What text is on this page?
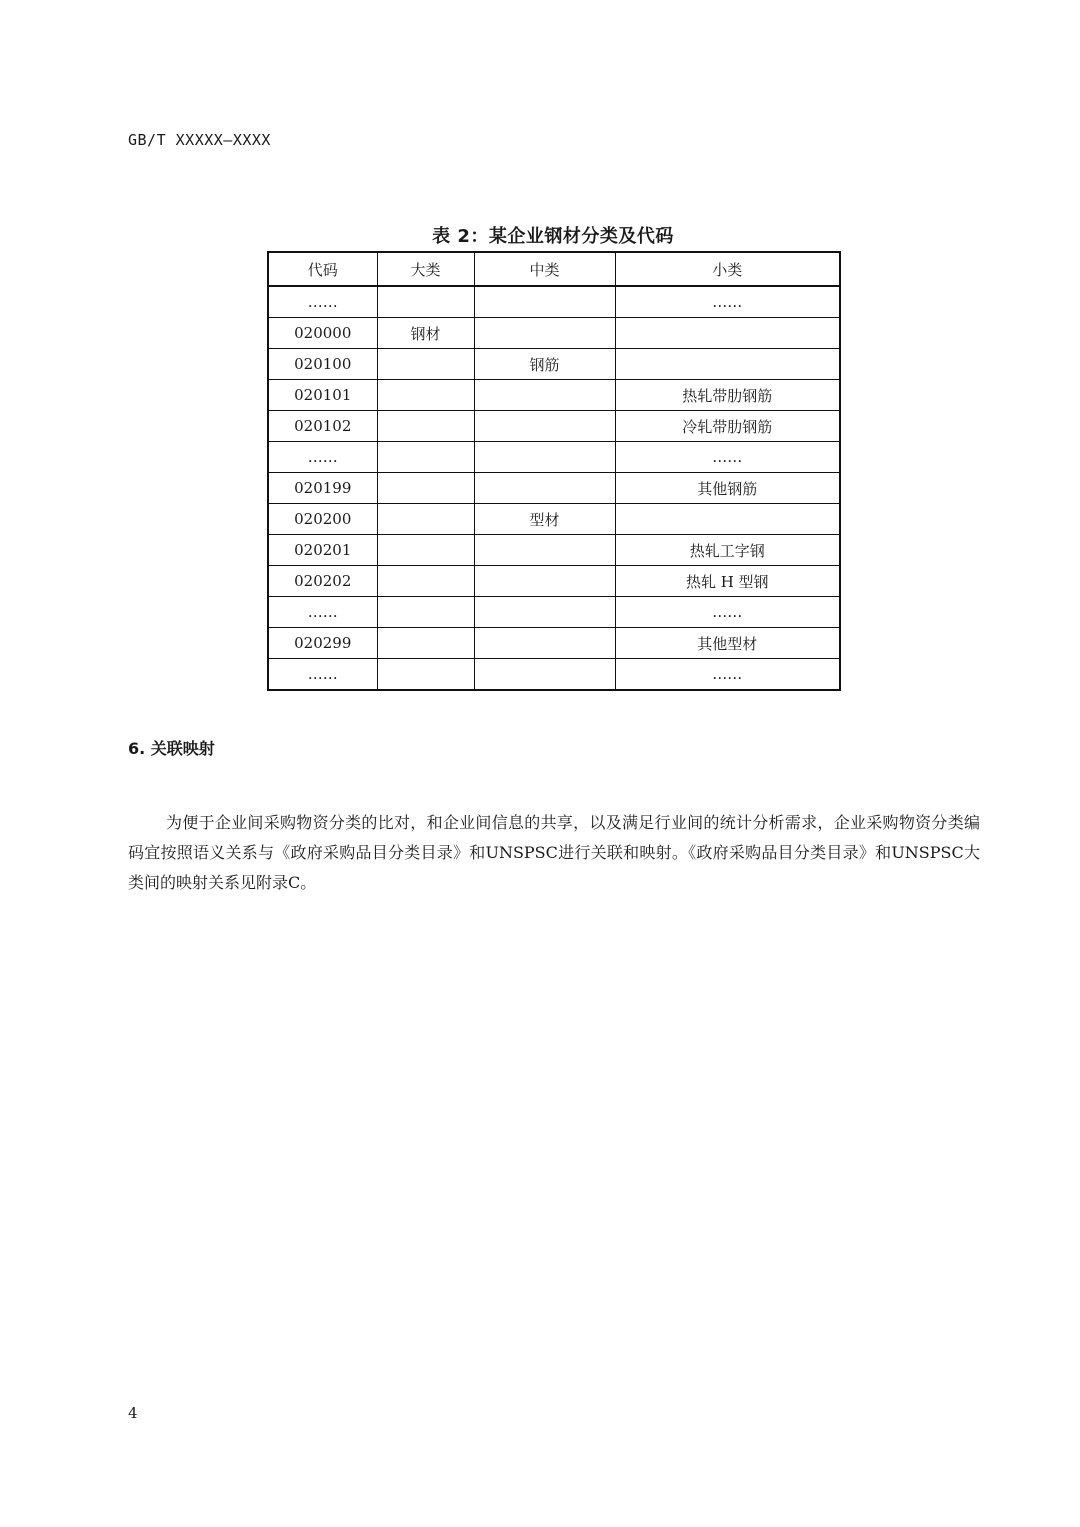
GB/T XXXXX—XXXX
表 2：某企业钢材分类及代码
代码	大类	中类	小类
……			……
020000	钢材		
020100		钢筋	
020101			热轧带肋钢筋
020102			冷轧带肋钢筋
……			……
020199			其他钢筋
020200		型材	
020201			热轧工字钢
020202			热轧 H 型钢
……			……
020299			其他型材
……			……
6. 关联映射

为便于企业间采购物资分类的比对，和企业间信息的共享，以及满足行业间的统计分析需求，企业采购物资分类编码宜按照语义关系与《政府采购品目分类目录》和UNSPSC进行关联和映射。《政府采购品目分类目录》和UNSPSC大类间的映射关系见附录C。

4
